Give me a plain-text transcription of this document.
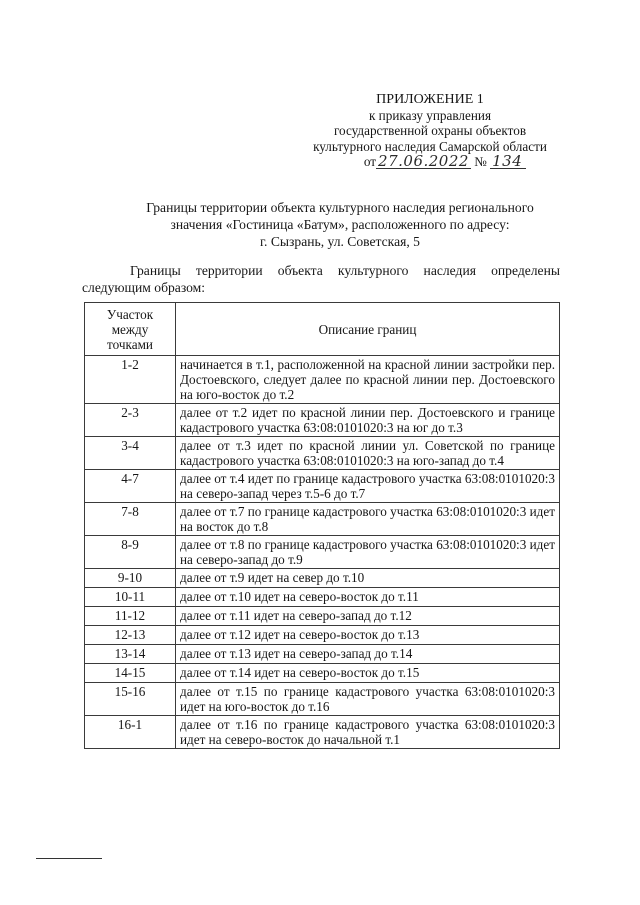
ПРИЛОЖЕНИЕ 1
к приказу управления
государственной охраны объектов
культурного наследия Самарской области
от 27.06.2022 № 134
Границы территории объекта культурного наследия регионального
значения «Гостиница «Батум», расположенного по адресу:
г. Сызрань, ул. Советская, 5
Границы территории объекта культурного наследия определены следующим образом:
Участок между точками	Описание границ
1-2	начинается в т.1, расположенной на красной линии застройки пер. Достоевского, следует далее по красной линии пер. Достоевского на юго-восток до т.2
2-3	далее от т.2 идет по красной линии пер. Достоевского и границе кадастрового участка 63:08:0101020:3 на юг до т.3
3-4	далее от т.3 идет по красной линии ул. Советской по границе кадастрового участка 63:08:0101020:3 на юго-запад до т.4
4-7	далее от т.4 идет по границе кадастрового участка 63:08:0101020:3 на северо-запад через т.5-6 до т.7
7-8	далее от т.7 по границе кадастрового участка 63:08:0101020:3 идет на восток до т.8
8-9	далее от т.8 по границе кадастрового участка 63:08:0101020:3 идет на северо-запад до т.9
9-10	далее от т.9 идет на север до т.10
10-11	далее от т.10 идет на северо-восток до т.11
11-12	далее от т.11 идет на северо-запад до т.12
12-13	далее от т.12 идет на северо-восток до т.13
13-14	далее от т.13 идет на северо-запад до т.14
14-15	далее от т.14 идет на северо-восток до т.15
15-16	далее от т.15 по границе кадастрового участка 63:08:0101020:3 идет на юго-восток до т.16
16-1	далее от т.16 по границе кадастрового участка 63:08:0101020:3 идет на северо-восток до начальной т.1
